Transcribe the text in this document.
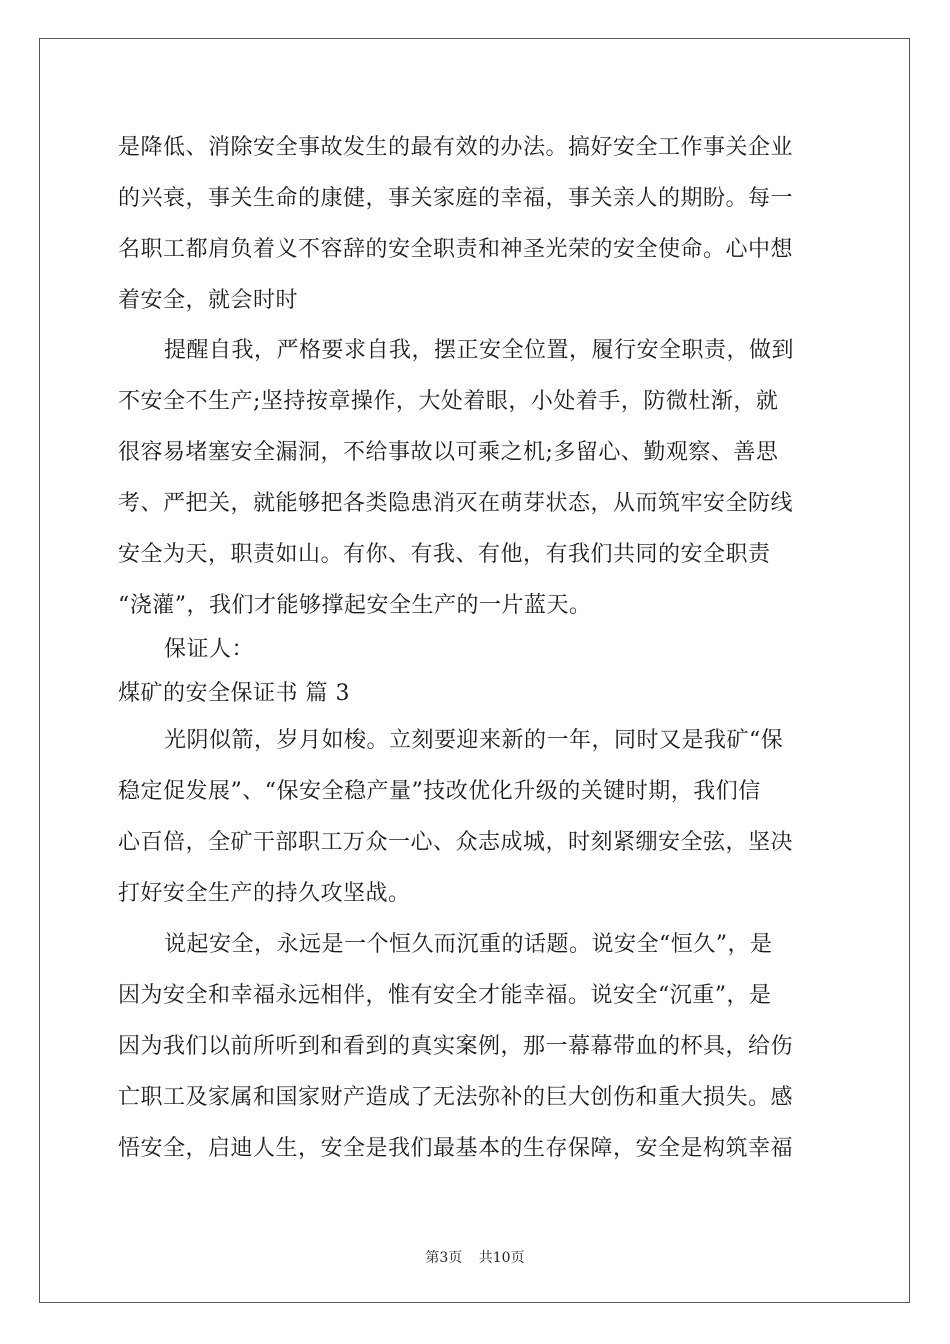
是降低、消除安全事故发生的最有效的办法。搞好安全工作事关企业
的兴衰，事关生命的康健，事关家庭的幸福，事关亲人的期盼。每一
名职工都肩负着义不容辞的安全职责和神圣光荣的安全使命。心中想
着安全，就会时时
提醒自我，严格要求自我，摆正安全位置，履行安全职责，做到
不安全不生产;坚持按章操作，大处着眼，小处着手，防微杜渐，就
很容易堵塞安全漏洞，不给事故以可乘之机;多留心、勤观察、善思
考、严把关，就能够把各类隐患消灭在萌芽状态，从而筑牢安全防线
安全为天，职责如山。有你、有我、有他，有我们共同的安全职责
“浇灌”，我们才能够撑起安全生产的一片蓝天。
保证人：
煤矿的安全保证书 篇 3
光阴似箭，岁月如梭。立刻要迎来新的一年，同时又是我矿“保
稳定促发展”、“保安全稳产量”技改优化升级的关键时期，我们信
心百倍，全矿干部职工万众一心、众志成城，时刻紧绷安全弦，坚决
打好安全生产的持久攻坚战。
说起安全，永远是一个恒久而沉重的话题。说安全“恒久”，是
因为安全和幸福永远相伴，惟有安全才能幸福。说安全“沉重”，是
因为我们以前所听到和看到的真实案例，那一幕幕带血的杯具，给伤
亡职工及家属和国家财产造成了无法弥补的巨大创伤和重大损失。感
悟安全，启迪人生，安全是我们最基本的生存保障，安全是构筑幸福
第3页 共10页
